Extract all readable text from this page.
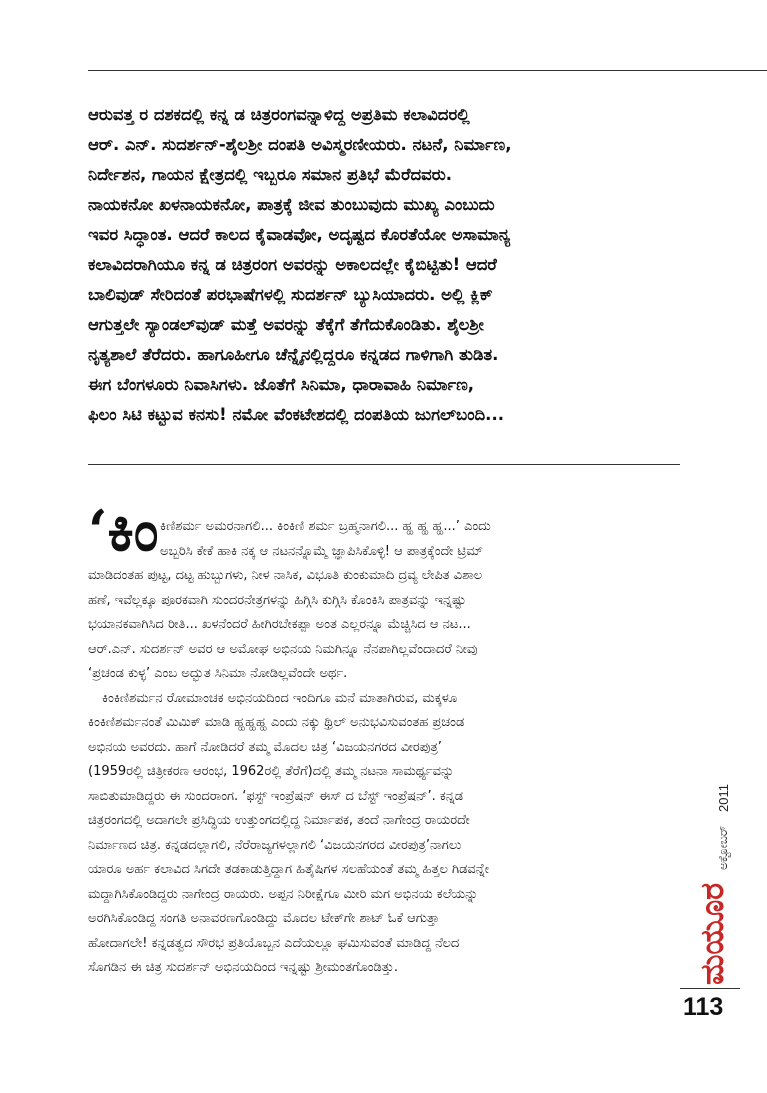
ಆರುವತ್ತ ರ ದಶಕದಲ್ಲಿ ಕನ್ನ ಡ ಚಿತ್ರರಂಗವನ್ನಾಳಿದ್ದ ಅಪ್ರತಿಮ ಕಲಾವಿದರಲ್ಲಿ

ಆರ್. ಎನ್. ಸುದರ್ಶನ್-ಶೈಲಶ್ರೀ ದಂಪತಿ ಅವಿಸ್ಮರಣೀಯರು. ನಟನೆ, ನಿರ್ಮಾಣ,

ನಿರ್ದೇಶನ, ಗಾಯನ ಕ್ಷೇತ್ರದಲ್ಲಿ ಇಬ್ಬರೂ ಸಮಾನ ಪ್ರತಿಭೆ ಮೆರೆದವರು.

ನಾಯಕನೋ ಖಳನಾಯಕನೋ, ಪಾತ್ರಕ್ಕೆ ಜೀವ ತುಂಬುವುದು ಮುಖ್ಯ ಎಂಬುದು

ಇವರ ಸಿದ್ಧಾಂತ. ಆದರೆ ಕಾಲದ ಕೈವಾಡವೋ, ಅದೃಷ್ಟದ ಕೊರತೆಯೋ ಅಸಾಮಾನ್ಯ

ಕಲಾವಿದರಾಗಿಯೂ ಕನ್ನ ಡ ಚಿತ್ರರಂಗ ಅವರನ್ನು ಅಕಾಲದಲ್ಲೇ ಕೈಬಿಟ್ಟಿತು! ಆದರೆ

ಬಾಲಿವುಡ್ ಸೇರಿದಂತೆ ಪರಭಾಷೆಗಳಲ್ಲಿ ಸುದರ್ಶನ್ ಬ್ಯುಸಿಯಾದರು. ಅಲ್ಲಿ ಕ್ಲಿಕ್

ಆಗುತ್ತಲೇ ಸ್ಯಾಂಡಲ್‌ವುಡ್ ಮತ್ತೆ ಅವರನ್ನು ತೆಕ್ಕೆಗೆ ತೆಗೆದುಕೊಂಡಿತು. ಶೈಲಶ್ರೀ

ನೃತ್ಯಶಾಲೆ ತೆರೆದರು. ಹಾಗೂಹೀಗೂ ಚೆನ್ನೈನಲ್ಲಿದ್ದರೂ ಕನ್ನಡದ ಗಾಳಿಗಾಗಿ ತುಡಿತ.

ಈಗ ಬೆಂಗಳೂರು ನಿವಾಸಿಗಳು. ಜೊತೆಗೆ ಸಿನಿಮಾ, ಧಾರಾವಾಹಿ ನಿರ್ಮಾಣ,

ಫಿಲಂ ಸಿಟಿ ಕಟ್ಟುವ ಕನಸು! ನಮೋ ವೆಂಕಟೇಶದಲ್ಲಿ ದಂಪತಿಯ ಜುಗಲ್‌ಬಂದಿ...

‘ಕಿಂ ಕಿಣಿಶರ್ಮ ಅಮರನಾಗಲಿ... ಕಿಂಕಿಣಿ ಶರ್ಮ ಬ್ರಹ್ಮನಾಗಲಿ... ಹ್ಹ ಹ್ಹ ಹ್ಹ...’ ಎಂದು

ಅಬ್ಬರಿಸಿ ಕೇಕೆ ಹಾಕಿ ನಕ್ಕ ಆ ನಟನನ್ನೊಮ್ಮೆ ಜ್ಞಾಪಿಸಿಕೊಳ್ಳಿ! ಆ ಪಾತ್ರಕ್ಕೆಂದೇ ಟ್ರಿಮ್

ಮಾಡಿದಂತಹ ಪುಟ್ಟ, ದಟ್ಟ ಹುಬ್ಬುಗಳು, ನೀಳ ನಾಸಿಕ, ವಿಭೂತಿ ಕುಂಕುಮಾದಿ ದ್ರವ್ಯ ಲೇಪಿತ ವಿಶಾಲ

ಹಣೆ, ಇವೆಲ್ಲಕ್ಕೂ ಪೂರಕವಾಗಿ ಸುಂದರನೇತ್ರಗಳನ್ನು ಹಿಗ್ಗಿಸಿ ಕುಗ್ಗಿಸಿ ಕೊಂಕಿಸಿ ಪಾತ್ರವನ್ನು ಇನ್ನಷ್ಟು

ಭಯಾನಕವಾಗಿಸಿದ ರೀತಿ... ಖಳನೆಂದರೆ ಹೀಗಿರಬೇಕಪ್ಪಾ ಅಂತ ಎಲ್ಲರನ್ನೂ ಮೆಚ್ಚಿಸಿದ ಆ ನಟ...

ಆರ್.ಎನ್. ಸುದರ್ಶನ್ ಅವರ ಆ ಅಮೋಘ ಅಭಿನಯ ನಿಮಗಿನ್ನೂ ನೆನಪಾಗಿಲ್ಲವೆಂದಾದರೆ ನೀವು

‘ಪ್ರಚಂಡ ಕುಳ್ಳ’ ಎಂಬ ಅದ್ಭುತ ಸಿನಿಮಾ ನೋಡಿಲ್ಲವೆಂದೇ ಅರ್ಥ.

ಕಿಂಕಿಣಿಶರ್ಮನ ರೋಮಾಂಚಕ ಅಭಿನಯದಿಂದ ಇಂದಿಗೂ ಮನೆ ಮಾತಾಗಿರುವ, ಮಕ್ಕಳೂ

ಕಿಂಕಿಣಿಶರ್ಮನಂತೆ ಮಿಮಿಕ್ ಮಾಡಿ ಹ್ಹಹ್ಹಹ್ಹ ಎಂದು ನಕ್ಕು ಥ್ರಿಲ್ ಅನುಭವಿಸುವಂತಹ ಪ್ರಚಂಡ

ಅಭಿನಯ ಅವರದು. ಹಾಗೆ ನೋಡಿದರೆ ತಮ್ಮ ಮೊದಲ ಚಿತ್ರ ‘ವಿಜಯನಗರದ ವೀರಪುತ್ರ’

(1959ರಲ್ಲಿ ಚಿತ್ರೀಕರಣ ಆರಂಭ, 1962ರಲ್ಲಿ ತೆರೆಗೆ)ದಲ್ಲಿ ತಮ್ಮ ನಟನಾ ಸಾಮರ್ಥ್ಯವನ್ನು

ಸಾಬಿತುಮಾಡಿದ್ದರು ಈ ಸುಂದರಾಂಗ. ‘ಫಸ್ಟ್ ಇಂಪ್ರೆಷನ್ ಈಸ್ ದ ಬೆಸ್ಟ್ ಇಂಪ್ರೆಷನ್’. ಕನ್ನಡ

ಚಿತ್ರರಂಗದಲ್ಲಿ ಅದಾಗಲೇ ಪ್ರಸಿದ್ಧಿಯ ಉತ್ತುಂಗದಲ್ಲಿದ್ದ ನಿರ್ಮಾಪಕ, ತಂದೆ ನಾಗೇಂದ್ರ ರಾಯರದೇ

ನಿರ್ಮಾಣದ ಚಿತ್ರ. ಕನ್ನಡದಲ್ಲಾಗಲಿ, ನೆರೆರಾಜ್ಯಗಳಲ್ಲಾಗಲಿ ‘ವಿಜಯನಗರದ ವೀರಪುತ್ರ’ನಾಗಲು

ಯಾರೂ ಅರ್ಹ ಕಲಾವಿದ ಸಿಗದೇ ತಡಕಾಡುತ್ತಿದ್ದಾಗ ಹಿತೈಷಿಗಳ ಸಲಹೆಯಂತೆ ತಮ್ಮ ಹಿತ್ತಲ ಗಿಡವನ್ನೇ

ಮದ್ದಾಗಿಸಿಕೊಂಡಿದ್ದರು ನಾಗೇಂದ್ರ ರಾಯರು. ಅಪ್ಪನ ನಿರೀಕ್ಷೆಗೂ ಮೀರಿ ಮಗ ಅಭಿನಯ ಕಲೆಯನ್ನು

ಅರಗಿಸಿಕೊಂಡಿದ್ದ ಸಂಗತಿ ಅನಾವರಣಗೊಂಡಿದ್ದು ಮೊದಲ ಟೇಕ್‌ಗೇ ಶಾಟ್ ಓಕೆ ಆಗುತ್ತಾ

ಹೋದಾಗಲೇ! ಕನ್ನಡತ್ವದ ಸೌರಭ ಪ್ರತಿಯೊಬ್ಬನ ಎದೆಯಲ್ಲೂ ಘಮಿಸುವಂತೆ ಮಾಡಿದ್ದ ನೆಲದ

ಸೊಗಡಿನ ಈ ಚಿತ್ರ ಸುದರ್ಶನ್ ಅಭಿನಯದಿಂದ ಇನ್ನಷ್ಟು ಶ್ರೀಮಂತಗೊಂಡಿತ್ತು.	ಮಯೂರ
ಅಕ್ಟೋಬರ್
2011
113
